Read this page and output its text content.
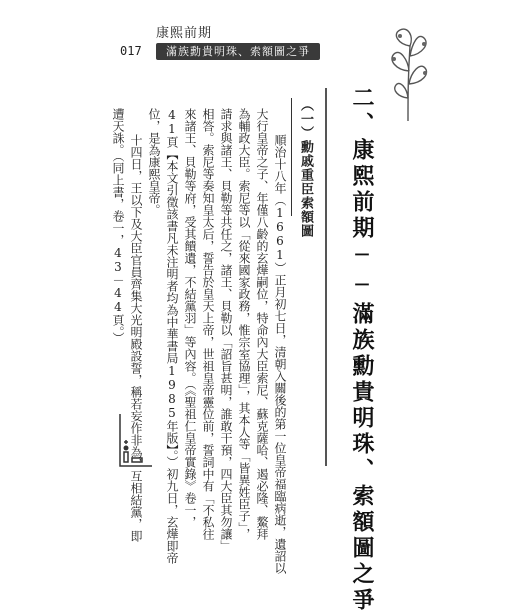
康熙前期
017	滿族勳貴明珠、索額圖之爭
二、康熙前期──滿族勳貴明珠、索額圖之爭
（一）勳戚重臣索額圖
順治十八年（1661）正月初七日，清朝入關後的第一位皇帝福臨病逝，遺詔以
大行皇帝之子、年僅八齡的玄燁嗣位，特命內大臣索尼、蘇克薩哈、遏必隆、鰲拜
為輔政大臣。索尼等以「從來國家政務，惟宗室協理」，其本人等「皆異姓臣子」，
請求與諸王、貝勒等共任之，諸王、貝勒以「詔旨甚明，誰敢干預，四大臣其勿讓」
相答。索尼等奏知皇太后，誓告於皇天上帝，世祖皇帝靈位前，誓詞中有「不私往
來諸王、貝勒等府，受其饋遺，不結黨羽」等內容。（《聖祖仁皇帝實錄》卷一，
41頁【本文引徵該書凡未注明者均為中華書局1985年版】。）初九日，玄燁即帝
位，是為康熙皇帝。
十四日，王以下及大臣官員齊集大光明殿設誓，稱若妄作非為，互相結黨，即
遭天誅。（同上書，卷一，43－44頁。）
